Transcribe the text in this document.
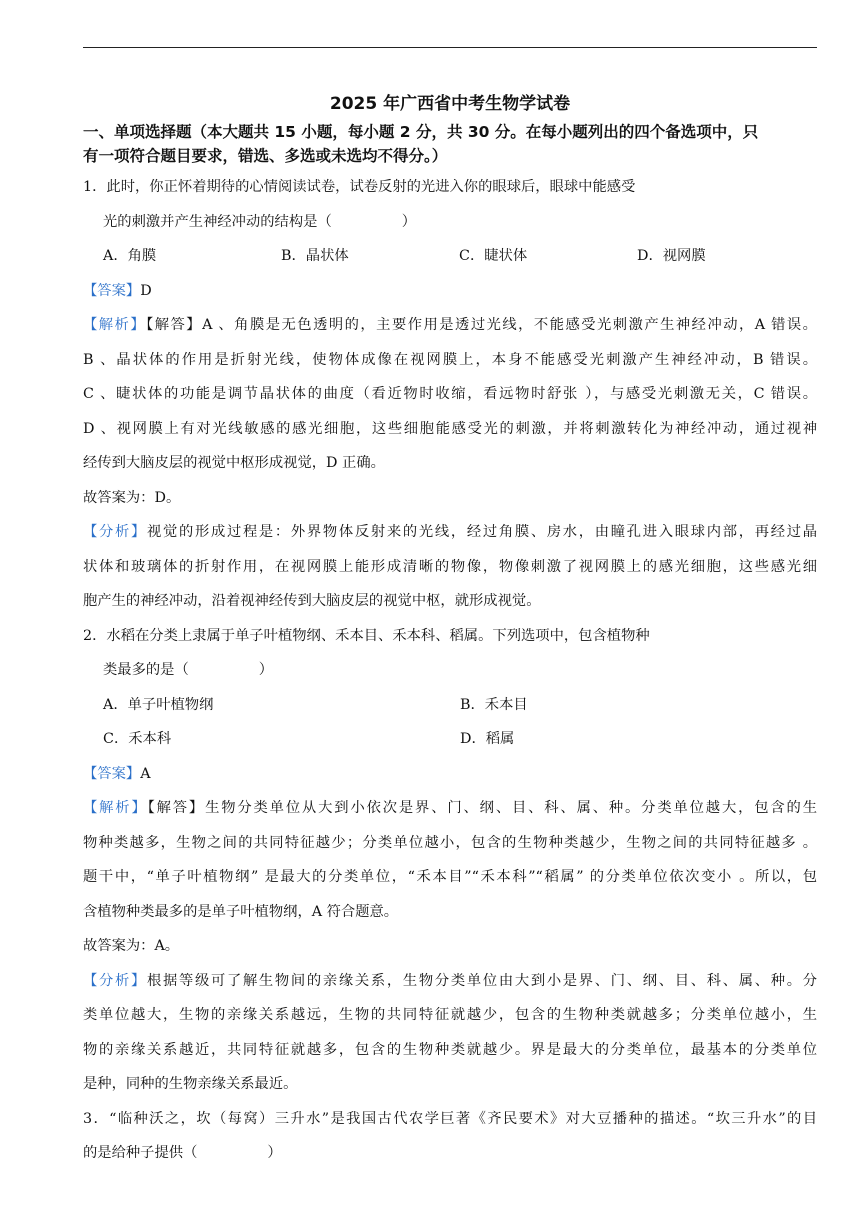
2025 年广西省中考生物学试卷
一、单项选择题（本大题共 15 小题，每小题 2 分，共 30 分。在每小题列出的四个备选项中，只
有一项符合题目要求，错选、多选或未选均不得分。）
1．此时，你正怀着期待的心情阅读试卷，试卷反射的光进入你的眼球后，眼球中能感受
光的刺激并产生神经冲动的结构是（	）
A．角膜	B．晶状体	C．睫状体	D．视网膜
【答案】D
【解析】【解答】A 、角膜是无色透明的，主要作用是透过光线，不能感受光刺激产生神经冲动，A 错误。
B 、晶状体的作用是折射光线，使物体成像在视网膜上，本身不能感受光刺激产生神经冲动，B 错误。
C 、睫状体的功能是调节晶状体的曲度（看近物时收缩，看远物时舒张 ），与感受光刺激无关，C 错误。
D 、视网膜上有对光线敏感的感光细胞，这些细胞能感受光的刺激，并将刺激转化为神经冲动，通过视神
经传到大脑皮层的视觉中枢形成视觉，D 正确。
故答案为：D。
【分析】视觉的形成过程是：外界物体反射来的光线，经过角膜、房水，由瞳孔进入眼球内部，再经过晶
状体和玻璃体的折射作用，在视网膜上能形成清晰的物像，物像刺激了视网膜上的感光细胞，这些感光细
胞产生的神经冲动，沿着视神经传到大脑皮层的视觉中枢，就形成视觉。
2．水稻在分类上隶属于单子叶植物纲、禾本目、禾本科、稻属。下列选项中，包含植物种
类最多的是（	）
A．单子叶植物纲	B．禾本目
C．禾本科	D．稻属
【答案】A
【解析】【解答】生物分类单位从大到小依次是界、门、纲、目、科、属、种。分类单位越大，包含的生
物种类越多，生物之间的共同特征越少；分类单位越小，包含的生物种类越少，生物之间的共同特征越多 。
题干中，“单子叶植物纲” 是最大的分类单位，“禾本目”“禾本科”“稻属” 的分类单位依次变小 。所以，包
含植物种类最多的是单子叶植物纲，A 符合题意。
故答案为：A。
【分析】根据等级可了解生物间的亲缘关系，生物分类单位由大到小是界、门、纲、目、科、属、种。分
类单位越大，生物的亲缘关系越远，生物的共同特征就越少，包含的生物种类就越多；分类单位越小，生
物的亲缘关系越近，共同特征就越多，包含的生物种类就越少。界是最大的分类单位，最基本的分类单位
是种，同种的生物亲缘关系最近。
3．“临种沃之，坎（每窝）三升水”是我国古代农学巨著《齐民要术》对大豆播种的描述。“坎三升水”的目
的是给种子提供（	）
